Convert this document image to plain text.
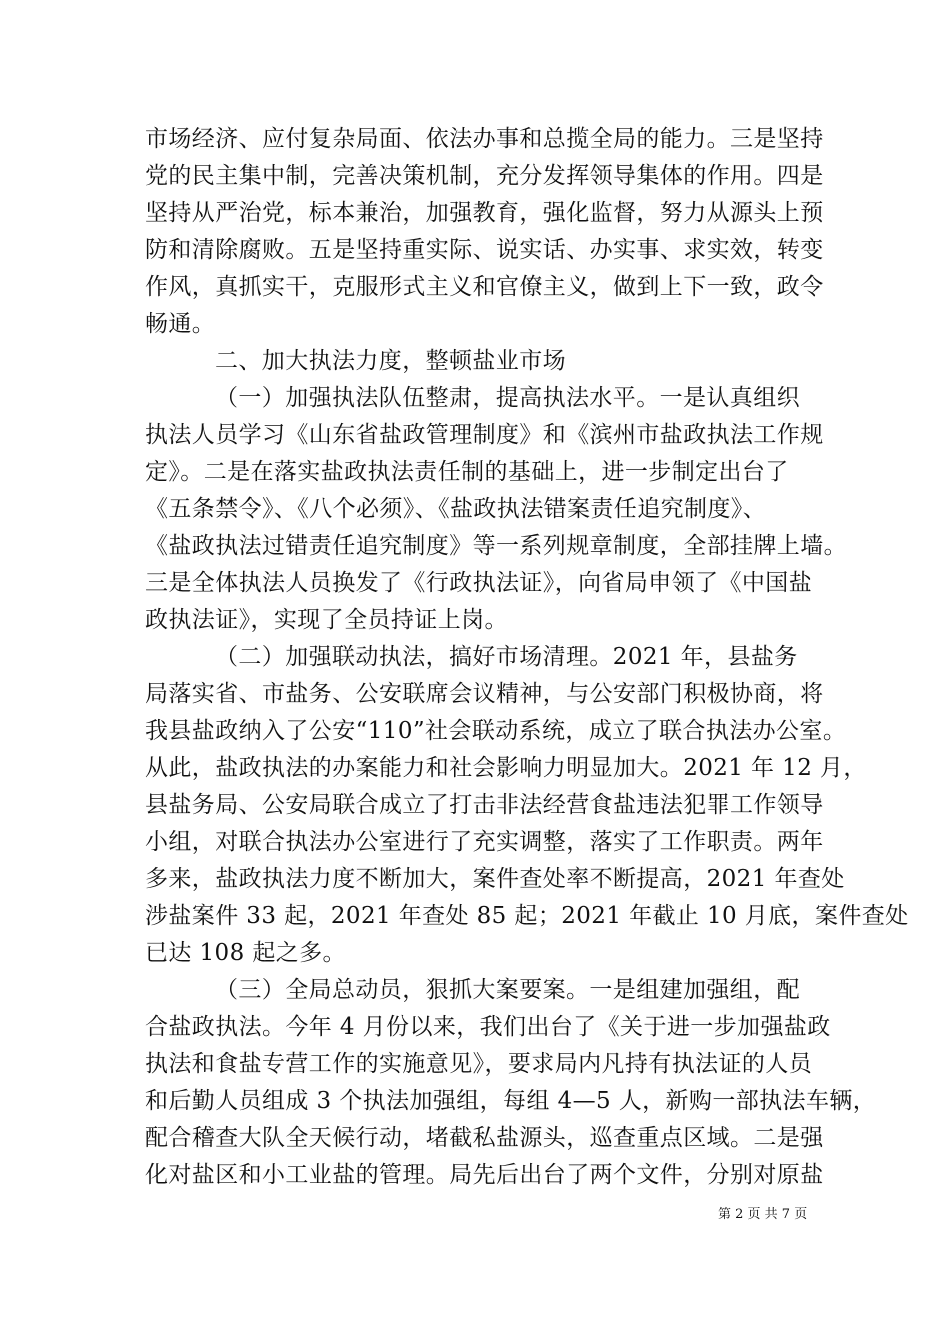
市场经济、应付复杂局面、依法办事和总揽全局的能力。三是坚持
党的民主集中制，完善决策机制，充分发挥领导集体的作用。四是
坚持从严治党，标本兼治，加强教育，强化监督，努力从源头上预
防和清除腐败。五是坚持重实际、说实话、办实事、求实效，转变
作风，真抓实干，克服形式主义和官僚主义，做到上下一致，政令
畅通。
二、加大执法力度，整顿盐业市场
（一）加强执法队伍整肃，提高执法水平。一是认真组织
执法人员学习《山东省盐政管理制度》和《滨州市盐政执法工作规
定》。二是在落实盐政执法责任制的基础上，进一步制定出台了
《五条禁令》、《八个必须》、《盐政执法错案责任追究制度》、
《盐政执法过错责任追究制度》等一系列规章制度，全部挂牌上墙。
三是全体执法人员换发了《行政执法证》，向省局申领了《中国盐
政执法证》，实现了全员持证上岗。
（二）加强联动执法，搞好市场清理。2021 年，县盐务
局落实省、市盐务、公安联席会议精神，与公安部门积极协商，将
我县盐政纳入了公安“110”社会联动系统，成立了联合执法办公室。
从此，盐政执法的办案能力和社会影响力明显加大。2021 年 12 月，
县盐务局、公安局联合成立了打击非法经营食盐违法犯罪工作领导
小组，对联合执法办公室进行了充实调整，落实了工作职责。两年
多来，盐政执法力度不断加大，案件查处率不断提高，2021 年查处
涉盐案件 33 起，2021 年查处 85 起；2021 年截止 10 月底，案件查处
已达 108 起之多。
（三）全局总动员，狠抓大案要案。一是组建加强组，配
合盐政执法。今年 4 月份以来，我们出台了《关于进一步加强盐政
执法和食盐专营工作的实施意见》，要求局内凡持有执法证的人员
和后勤人员组成 3 个执法加强组，每组 4—5 人，新购一部执法车辆，
配合稽查大队全天候行动，堵截私盐源头，巡查重点区域。二是强
化对盐区和小工业盐的管理。局先后出台了两个文件，分别对原盐
第 2 页 共 7 页
